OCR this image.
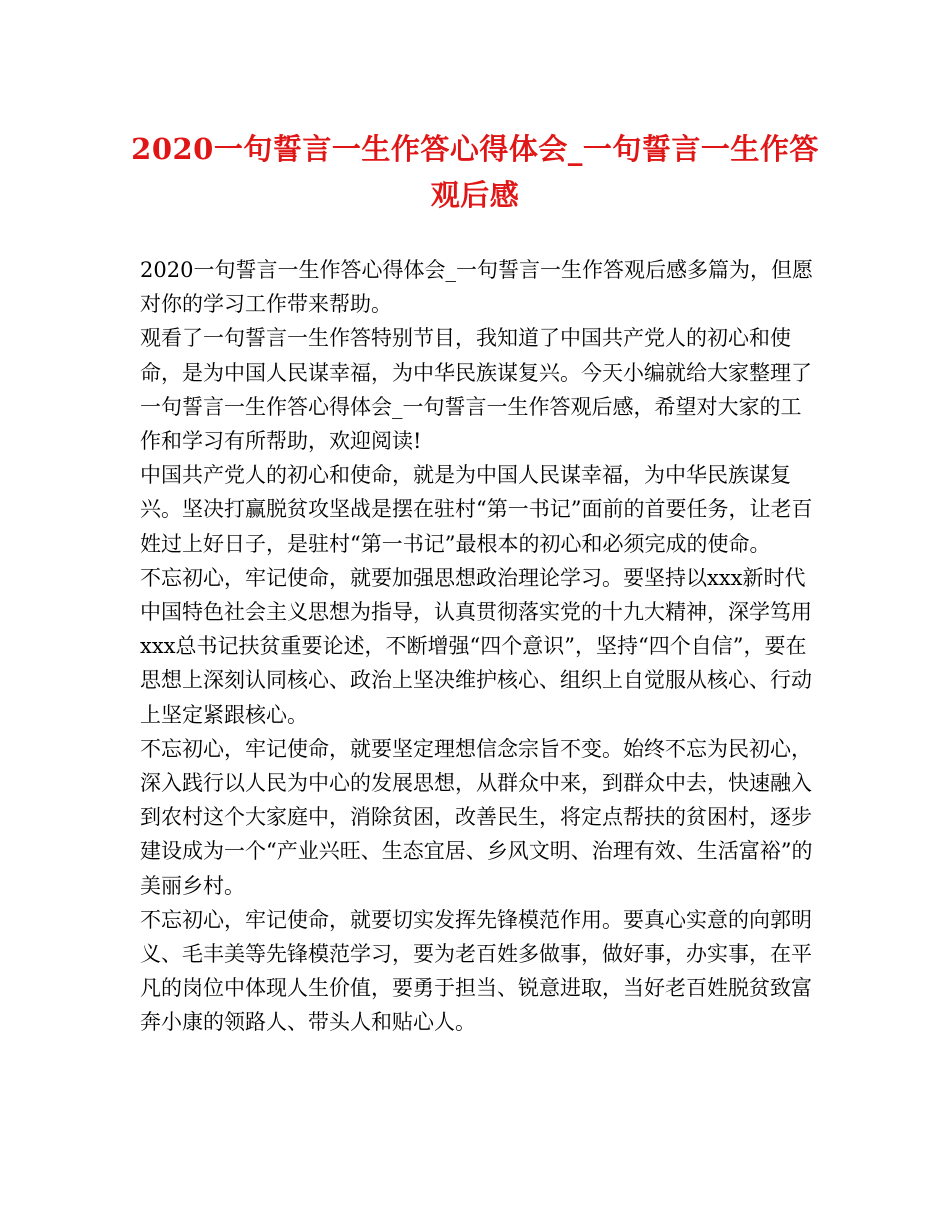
2020一句誓言一生作答心得体会_一句誓言一生作答观后感

2020一句誓言一生作答心得体会_一句誓言一生作答观后感多篇为，但愿对你的学习工作带来帮助。

观看了一句誓言一生作答特别节目，我知道了中国共产党人的初心和使命，是为中国人民谋幸福，为中华民族谋复兴。今天小编就给大家整理了一句誓言一生作答心得体会_一句誓言一生作答观后感，希望对大家的工作和学习有所帮助，欢迎阅读!

中国共产党人的初心和使命，就是为中国人民谋幸福，为中华民族谋复兴。坚决打赢脱贫攻坚战是摆在驻村“第一书记”面前的首要任务，让老百姓过上好日子，是驻村“第一书记”最根本的初心和必须完成的使命。

不忘初心，牢记使命，就要加强思想政治理论学习。要坚持以xxx新时代中国特色社会主义思想为指导，认真贯彻落实党的十九大精神，深学笃用xxx总书记扶贫重要论述，不断增强“四个意识”，坚持“四个自信”，要在思想上深刻认同核心、政治上坚决维护核心、组织上自觉服从核心、行动上坚定紧跟核心。

不忘初心，牢记使命，就要坚定理想信念宗旨不变。始终不忘为民初心，深入践行以人民为中心的发展思想，从群众中来，到群众中去，快速融入到农村这个大家庭中，消除贫困，改善民生，将定点帮扶的贫困村，逐步建设成为一个“产业兴旺、生态宜居、乡风文明、治理有效、生活富裕”的美丽乡村。

不忘初心，牢记使命，就要切实发挥先锋模范作用。要真心实意的向郭明义、毛丰美等先锋模范学习，要为老百姓多做事，做好事，办实事，在平凡的岗位中体现人生价值，要勇于担当、锐意进取，当好老百姓脱贫致富奔小康的领路人、带头人和贴心人。
